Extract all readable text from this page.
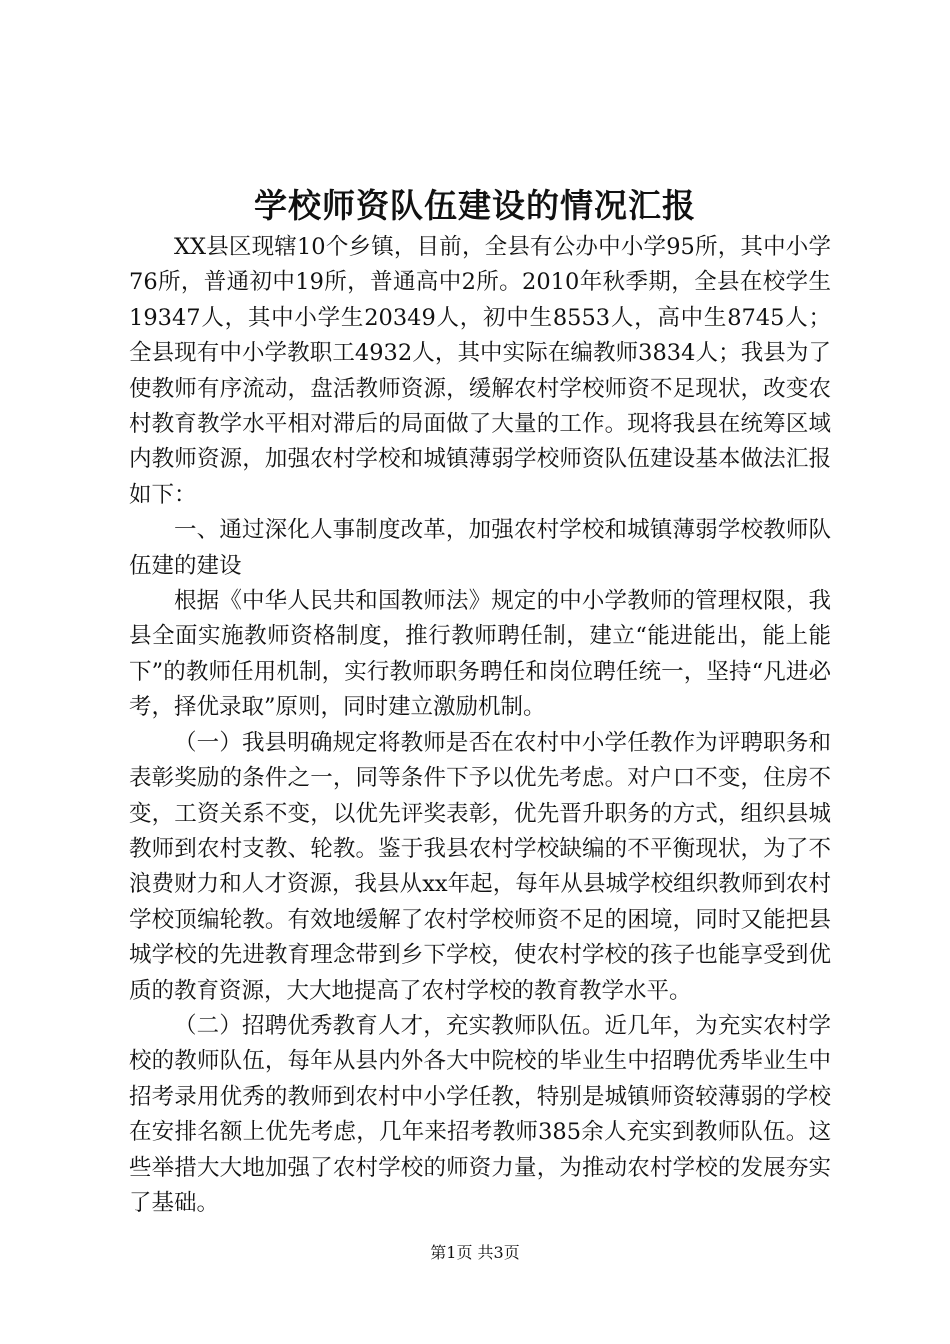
学校师资队伍建设的情况汇报

XX县区现辖10个乡镇，目前，全县有公办中小学95所，其中小学76所，普通初中19所，普通高中2所。2010年秋季期，全县在校学生19347人，其中小学生20349人，初中生8553人，高中生8745人；全县现有中小学教职工4932人，其中实际在编教师3834人；我县为了使教师有序流动，盘活教师资源，缓解农村学校师资不足现状，改变农村教育教学水平相对滞后的局面做了大量的工作。现将我县在统筹区域内教师资源，加强农村学校和城镇薄弱学校师资队伍建设基本做法汇报如下：

一、通过深化人事制度改革，加强农村学校和城镇薄弱学校教师队伍建的建设

根据《中华人民共和国教师法》规定的中小学教师的管理权限，我县全面实施教师资格制度，推行教师聘任制，建立“能进能出，能上能下”的教师任用机制，实行教师职务聘任和岗位聘任统一，坚持“凡进必考，择优录取”原则，同时建立激励机制。

（一）我县明确规定将教师是否在农村中小学任教作为评聘职务和表彰奖励的条件之一，同等条件下予以优先考虑。对户口不变，住房不变，工资关系不变，以优先评奖表彰，优先晋升职务的方式，组织县城教师到农村支教、轮教。鉴于我县农村学校缺编的不平衡现状，为了不浪费财力和人才资源，我县从xx年起，每年从县城学校组织教师到农村学校顶编轮教。有效地缓解了农村学校师资不足的困境，同时又能把县城学校的先进教育理念带到乡下学校，使农村学校的孩子也能享受到优质的教育资源，大大地提高了农村学校的教育教学水平。

（二）招聘优秀教育人才，充实教师队伍。近几年，为充实农村学校的教师队伍，每年从县内外各大中院校的毕业生中招聘优秀毕业生中招考录用优秀的教师到农村中小学任教，特别是城镇师资较薄弱的学校在安排名额上优先考虑，几年来招考教师385余人充实到教师队伍。这些举措大大地加强了农村学校的师资力量，为推动农村学校的发展夯实了基础。

第1页 共3页
